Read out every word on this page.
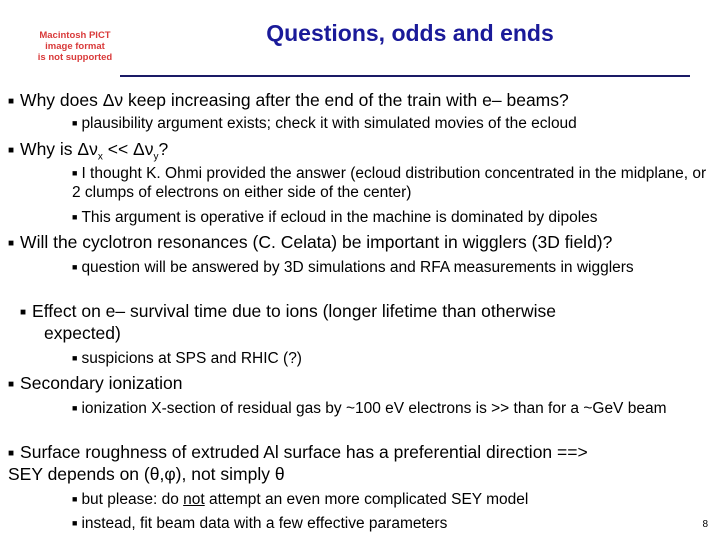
Macintosh PICT
image format
is not supported
Questions, odds and ends
■ Why does Δν keep increasing after the end of the train with e– beams?
■ plausibility argument exists; check it with simulated movies of the ecloud
■ Why is $\Delta\nu_x << \Delta\nu_y$?
■ I thought K. Ohmi provided the answer (ecloud distribution concentrated in the midplane, or 2 clumps of electrons on either side of the center)
■ This argument is operative if ecloud in the machine is dominated by dipoles
■ Will the cyclotron resonances (C. Celata) be important in wigglers (3D field)?
■ question will be answered by 3D simulations and RFA measurements in wigglers
■ Effect on e– survival time due to ions (longer lifetime than otherwise
expected)
■ suspicions at SPS and RHIC (?)
■ Secondary ionization
■ ionization X-section of residual gas by ~100 eV electrons is >> than for a ~GeV beam
■ Surface roughness of extruded Al surface has a preferential direction ==>
SEY depends on (θ,φ), not simply θ
■ but please: do not attempt an even more complicated SEY model
■ instead, fit beam data with a few effective parameters	8
